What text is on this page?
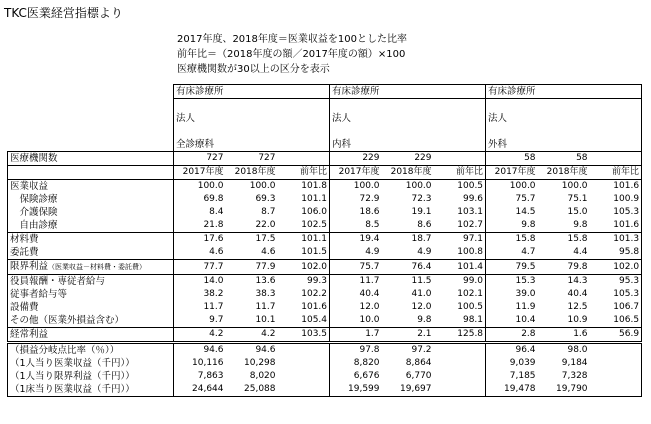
TKC医業経営指標より
2017年度、2018年度＝医業収益を100とした比率
前年比＝（2018年度の額／2017年度の額）×100
医療機関数が30以上の区分を表示
	有床診療所			有床診療所			有床診療所		

	法人			法人			法人		

	全診療科			内科			外科		
医療機関数	727	727		229	229		58	58	
	2017年度	2018年度	前年比	2017年度	2018年度	前年比	2017年度	2018年度	前年比
医業収益	100.0	100.0	101.8	100.0	100.0	100.5	100.0	100.0	101.6
　保険診療	69.8	69.3	101.1	72.9	72.3	99.6	75.7	75.1	100.9
　介護保険	8.4	8.7	106.0	18.6	19.1	103.1	14.5	15.0	105.3
　自由診療	21.8	22.0	102.5	8.5	8.6	102.7	9.8	9.8	101.6
材料費	17.6	17.5	101.1	19.4	18.7	97.1	15.8	15.8	101.3
委託費	4.6	4.6	101.5	4.9	4.9	100.8	4.7	4.4	95.8
限界利益（医業収益－材料費・委託費）	77.7	77.9	102.0	75.7	76.4	101.4	79.5	79.8	102.0
役員報酬・専従者給与	14.0	13.6	99.3	11.7	11.5	99.0	15.3	14.3	95.3
従事者給与等	38.2	38.3	102.2	40.4	41.0	102.1	39.0	40.4	105.3
設備費	11.7	11.7	101.6	12.0	12.0	100.5	11.9	12.5	106.7
その他（医業外損益含む）	9.7	10.1	105.4	10.0	9.8	98.1	10.4	10.9	106.5
経常利益	4.2	4.2	103.5	1.7	2.1	125.8	2.8	1.6	56.9
（損益分岐点比率（％））	94.6	94.6		97.8	97.2		96.4	98.0	
（1人当り医業収益（千円））	10,116	10,298		8,820	8,864		9,039	9,184	
（1人当り限界利益（千円））	7,863	8,020		6,676	6,770		7,185	7,328	
（1床当り医業収益（千円））	24,644	25,088		19,599	19,697		19,478	19,790	
